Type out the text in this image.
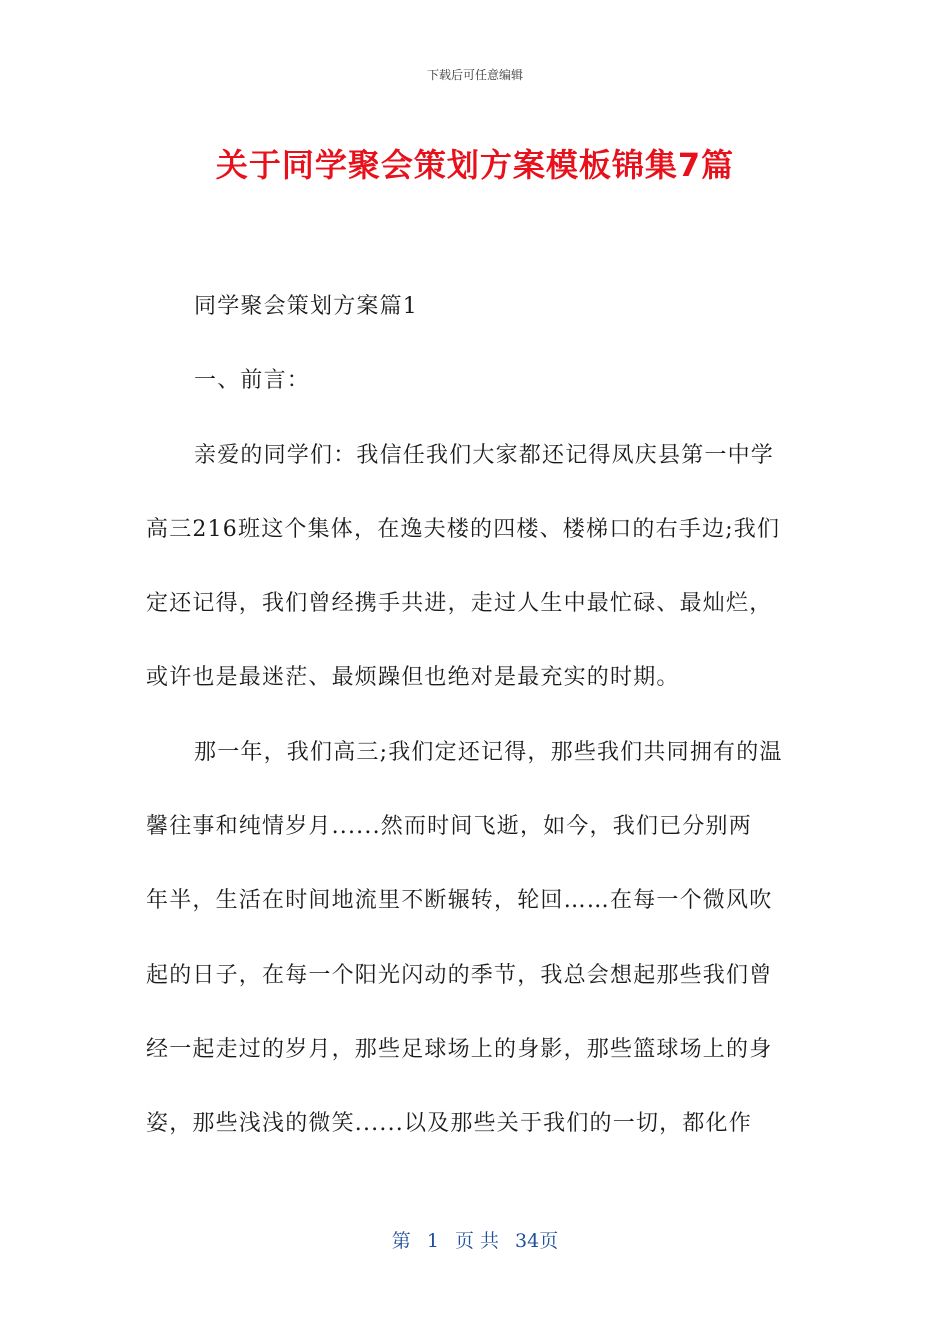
下载后可任意编辑
关于同学聚会策划方案模板锦集7篇
同学聚会策划方案篇1
一、前言：
亲爱的同学们：我信任我们大家都还记得凤庆县第一中学
高三216班这个集体，在逸夫楼的四楼、楼梯口的右手边;我们
定还记得，我们曾经携手共进，走过人生中最忙碌、最灿烂，
或许也是最迷茫、最烦躁但也绝对是最充实的时期。
那一年，我们高三;我们定还记得，那些我们共同拥有的温
馨往事和纯情岁月......然而时间飞逝，如今，我们已分别两
年半，生活在时间地流里不断辗转，轮回……在每一个微风吹
起的日子，在每一个阳光闪动的季节，我总会想起那些我们曾
经一起走过的岁月，那些足球场上的身影，那些篮球场上的身
姿，那些浅浅的微笑......以及那些关于我们的一切，都化作
第 1 页 共 34页
